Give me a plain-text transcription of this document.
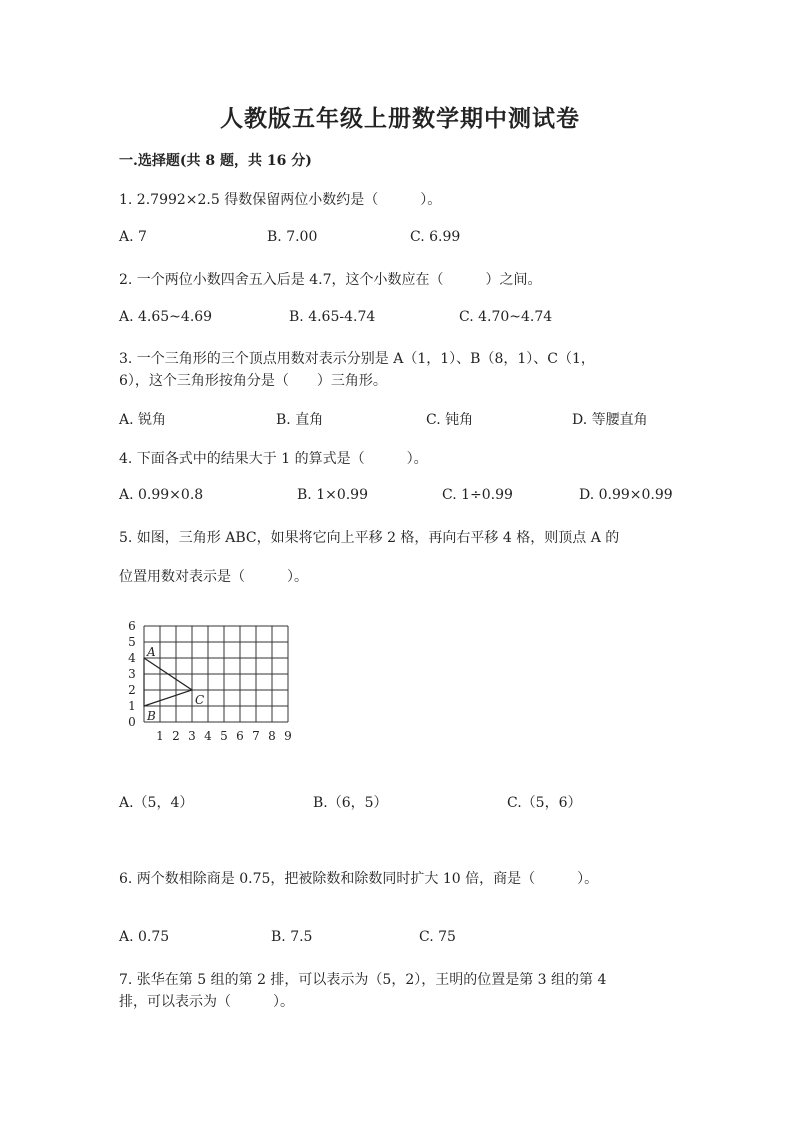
人教版五年级上册数学期中测试卷
一.选择题(共 8 题，共 16 分)
1. 2.7992×2.5 得数保留两位小数约是（　　　）。
A. 7	B. 7.00	C. 6.99
2. 一个两位小数四舍五入后是 4.7，这个小数应在（　　　）之间。
A. 4.65~4.69	B. 4.65-4.74	C. 4.70~4.74
3. 一个三角形的三个顶点用数对表示分别是 A（1，1）、B（8，1）、C（1，
6），这个三角形按角分是（　　）三角形。
A. 锐角	B. 直角	C. 钝角	D. 等腰直角
4. 下面各式中的结果大于 1 的算式是（　　　）。
A. 0.99×0.8	B. 1×0.99	C. 1÷0.99	D. 0.99×0.99
5. 如图，三角形 ABC，如果将它向上平移 2 格，再向右平移 4 格，则顶点 A 的
位置用数对表示是（　　　）。
6
5
4
3
2
1
0
1 2 3 4 5 6 7 8 9
A
B
C
A.（5，4）	B.（6，5）	C.（5，6）
6. 两个数相除商是 0.75，把被除数和除数同时扩大 10 倍，商是（　　　）。
A. 0.75	B. 7.5	C. 75
7. 张华在第 5 组的第 2 排，可以表示为（5，2），王明的位置是第 3 组的第 4
排，可以表示为（　　　）。
